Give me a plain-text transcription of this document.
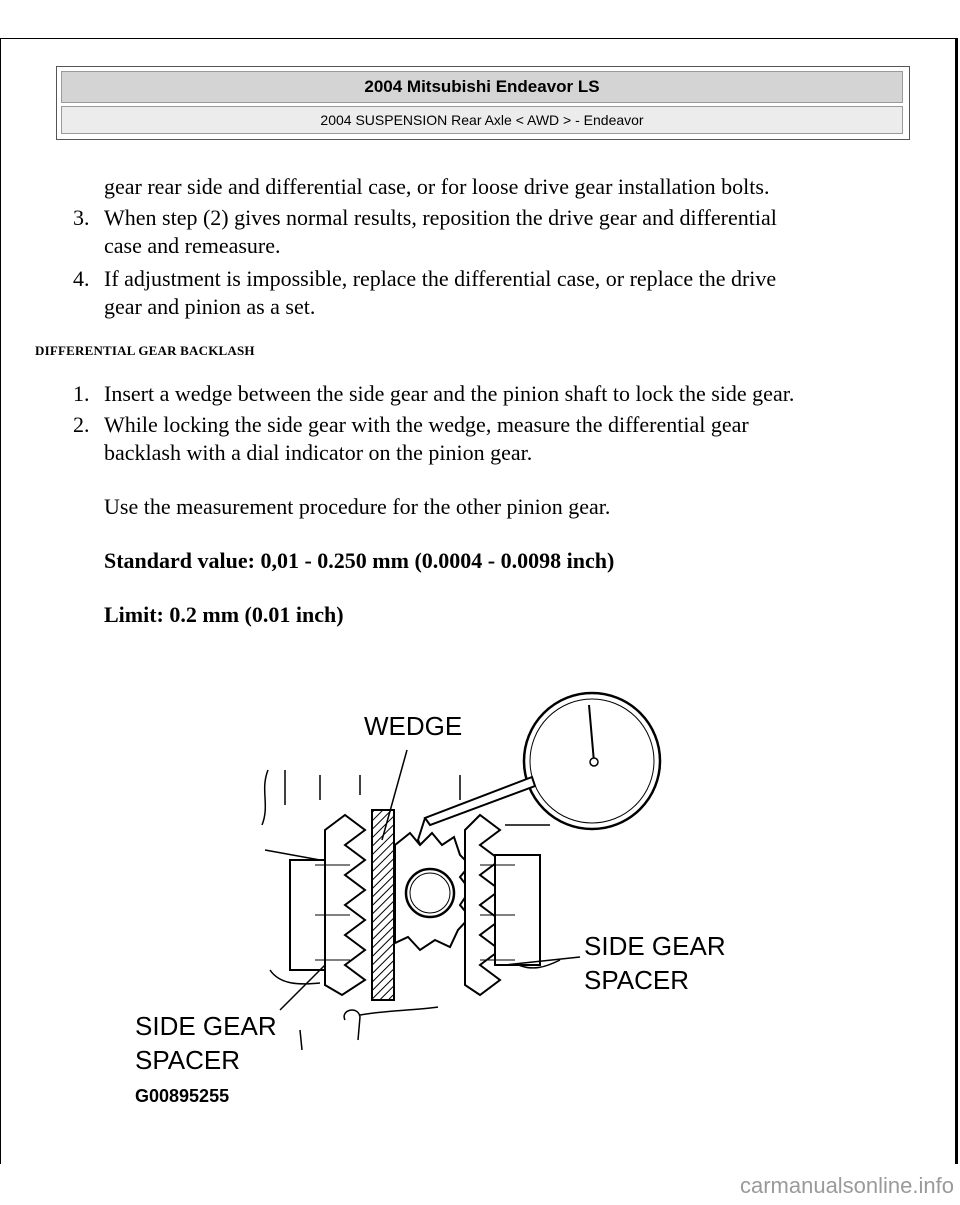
2004 Mitsubishi Endeavor LS
2004 SUSPENSION Rear Axle < AWD > - Endeavor
gear rear side and differential case, or for loose drive gear installation bolts.
3. When step (2) gives normal results, reposition the drive gear and differential
case and remeasure.
4. If adjustment is impossible, replace the differential case, or replace the drive
gear and pinion as a set.
DIFFERENTIAL GEAR BACKLASH
1. Insert a wedge between the side gear and the pinion shaft to lock the side gear.
2. While locking the side gear with the wedge, measure the differential gear
backlash with a dial indicator on the pinion gear.
Use the measurement procedure for the other pinion gear.
Standard value: 0,01 - 0.250 mm (0.0004 - 0.0098 inch)
Limit: 0.2 mm (0.01 inch)
WEDGE
SIDE GEAR
SPACER
SIDE GEAR
SPACER
G00895255
carmanualsonline.info
